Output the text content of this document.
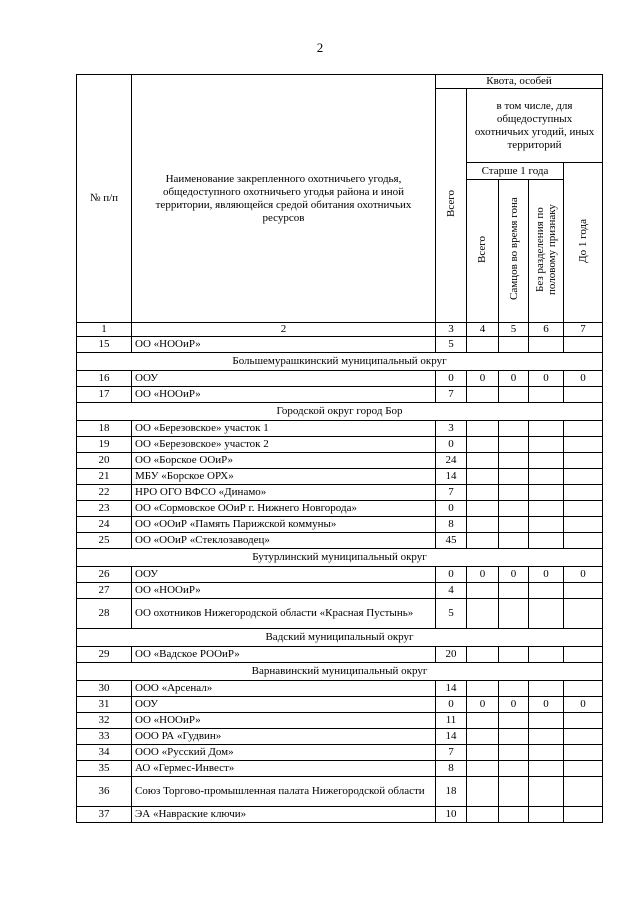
2
№ п/п	Наименование закрепленного охотничьего угодья, общедоступного охотничьего угодья района и иной территории, являющейся средой обитания охотничьих ресурсов	Квота, особей				
		Всего	в том числе, для общедоступных охотничьих угодий, иных территорий			
			Старше 1 года			До 1 года
			Всего	Самцов во время гона	Без разделения по половому признаку	
1	2	3	4	5	6	7
15	ОО «НООиР»	5				
Большемурашкинский муниципальный округ						
16	ООУ	0	0	0	0	0
17	ОО «НООиР»	7				
Городской округ город Бор						
18	ОО «Березовское» участок 1	3				
19	ОО «Березовское» участок 2	0				
20	ОО «Борское ООиР»	24				
21	МБУ «Борское ОРХ»	14				
22	НРО ОГО ВФСО «Динамо»	7				
23	ОО «Сормовское ООиР г. Нижнего Новгорода»	0				
24	ОО «ООиР «Память Парижской коммуны»	8				
25	ОО «ООиР «Стеклозаводец»	45				
Бутурлинский муниципальный округ						
26	ООУ	0	0	0	0	0
27	ОО «НООиР»	4				
28	ОО охотников Нижегородской области «Красная Пустынь»	5				
Вадский муниципальный округ						
29	ОО «Вадское РООиР»	20				
Варнавинский муниципальный округ						
30	ООО «Арсенал»	14				
31	ООУ	0	0	0	0	0
32	ОО «НООиР»	11				
33	ООО РА «Гудвин»	14				
34	ООО «Русский Дом»	7				
35	АО «Гермес-Инвест»	8				
36	Союз Торгово-промышленная палата Нижегородской области	18				
37	ЭА «Навраские ключи»	10				
